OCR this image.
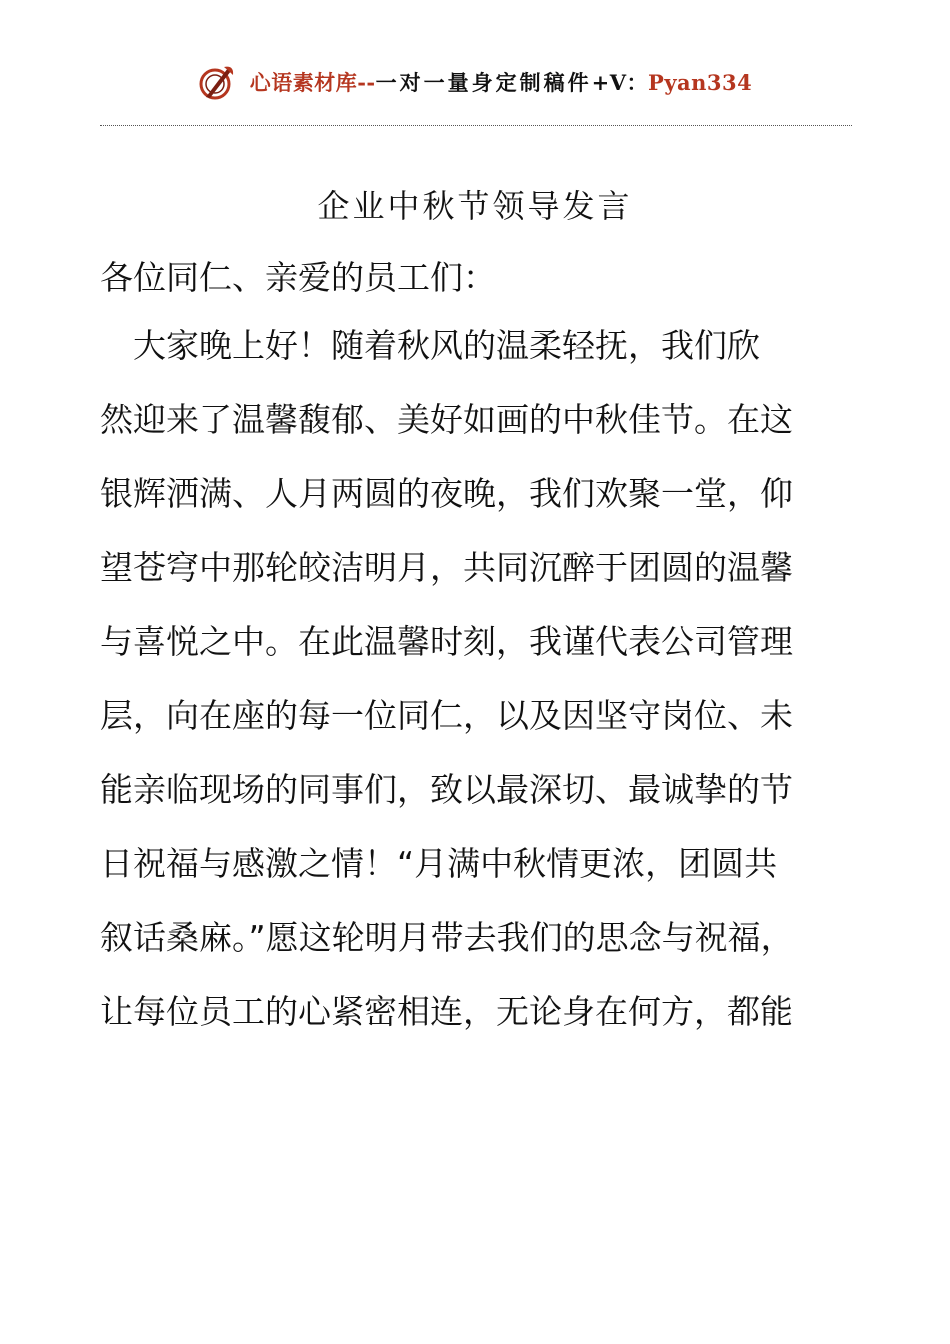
心语素材库--一对一量身定制稿件+V：Pyan334
企业中秋节领导发言
各位同仁、亲爱的员工们：
　大家晚上好！随着秋风的温柔轻抚，我们欣
然迎来了温馨馥郁、美好如画的中秋佳节。在这
银辉洒满、人月两圆的夜晚，我们欢聚一堂，仰
望苍穹中那轮皎洁明月，共同沉醉于团圆的温馨
与喜悦之中。在此温馨时刻，我谨代表公司管理
层，向在座的每一位同仁，以及因坚守岗位、未
能亲临现场的同事们，致以最深切、最诚挚的节
日祝福与感激之情！“月满中秋情更浓，团圆共
叙话桑麻。”愿这轮明月带去我们的思念与祝福，
让每位员工的心紧密相连，无论身在何方，都能
